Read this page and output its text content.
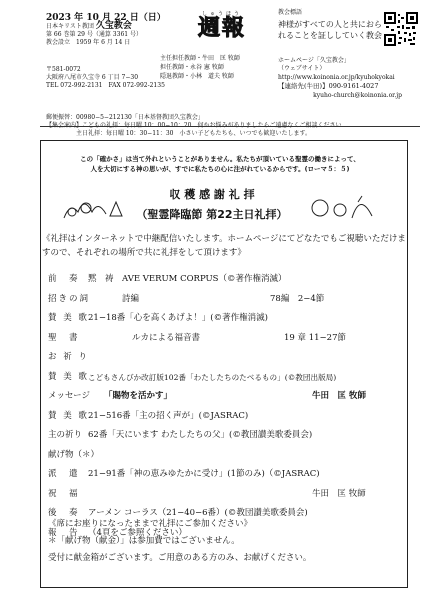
2023 年 10 月 22 日（日）
日本キリスト教団 久宝教会
第 66 巻第 29 号（通算 3361 号）
教会設立　1959 年 6 月 14 日
しゅうほう
週報
主任担任教師・牛田　匡 牧師
担任教師・永谷 憲 牧師
隠退教師・小林　道夫 牧師
〒581-0072
大阪府八尾市久宝寺 6 丁目 7−30
TEL 072-992-2131　FAX 072-992-2135
教会標語
神様がすべての人と共におられることを証ししていく教会
ホームページ「久宝教会」
（ウェブサイト）
http://www.koinonia.or.jp/kyuhokyokai
【連絡先(牛田)】090-9161-4027
kyuho-church@koinonia.or.jp
郵便振替：00980−5−212130「日本基督教団久宝教会」
【集会案内】こどもの礼拝：毎日曜 10：00−10：20　何かお悩みがありましたらご遠慮なくご相談ください
　　　　　主日礼拝：毎日曜 10：30−11：30　小さい子どもたちも、いつでも歓迎いたします。
この「確かさ」は当て外れということがありません。私たちが頂いている聖霊の働きによって、
人を大切にする神の思いが、すでに私たちの心に注がれているからです。(ローマ５：５)
収 穫 感 謝 礼 拝
（聖霊降臨節 第22主日礼拝）
《礼拝はインターネットで中継配信いたします。ホームページにてどなたでもご視聴いただけますので、それぞれの場所で共に礼拝をして頂けます》
前　奏 黙　祷　AVE VERUM CORPUS（©著作権消滅）
招きの詞	詩編	78編　2−4節
賛 美 歌 21−18番「心を高くあげよ！」(©著作権消滅)
聖　書	ルカによる福音書	19 章 11−27節
お 祈 り
賛 美 歌 こどもさんびか改訂版102番「わたしたちのたべるもの」(©教団出版局)
メッセージ 「賜物を活かす」	牛田　匡 牧師
賛 美 歌 21−516番「主の招く声が」(©JASRAC)
主の祈り 62番「天にいます わたしたちの父」(©教団讃美歌委員会)
献げ物（＊）
派　遣 21−91番「神の恵みゆたかに受け」(1節のみ)（©JASRAC)
祝　福	牛田　匡 牧師
後　奏 アーメン コーラス（21−40−6番）(©教団讃美歌委員会)
報　告 （4頁をご参照ください）
《席にお座りになったままで礼拝にご参加ください》
＊「献げ物（献金）」は参加費ではございません。
受付に献金箱がございます。ご用意のある方のみ、お献げください。
